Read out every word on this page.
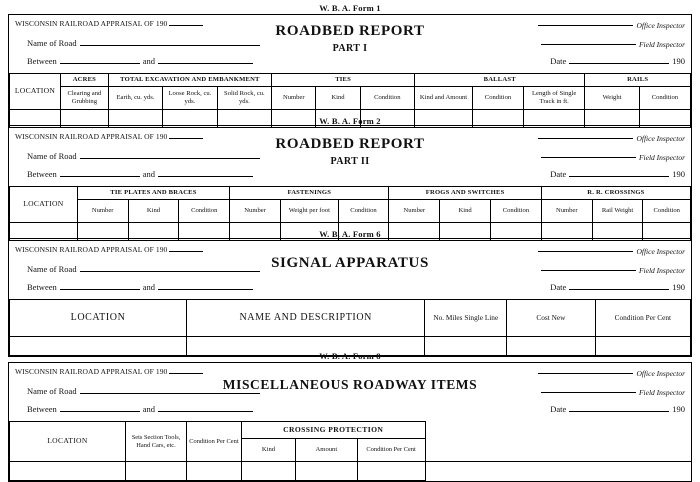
W. B. A. Form 1
WISCONSIN RAILROAD APPRAISAL OF 190	Office Inspector
Field Inspector
Name of Road
Between	and
ROADBED REPORT
PART I
Date	190
LOCATION	ACRES	TOTAL EXCAVATION AND EMBANKMENT			TIES			BALLAST			RAILS	
	Clearing and Grubbing	Earth, cu. yds.	Loose Rock, cu. yds.	Solid Rock, cu. yds.	Number	Kind	Condition	Kind and Amount	Condition	Length of Single Track in ft.	Weight	Condition

W. B. A. Form 2
WISCONSIN RAILROAD APPRAISAL OF 190	Office Inspector
Field Inspector
Name of Road
Between	and
ROADBED REPORT
PART II
Date	190
LOCATION	TIE PLATES AND BRACES			FASTENINGS			FROGS AND SWITCHES			R. R. CROSSINGS		
	Number	Kind	Condition	Number	Weight per foot	Condition	Number	Kind	Condition	Number	Rail Weight	Condition

W. B. A. Form 6
WISCONSIN RAILROAD APPRAISAL OF 190	Office Inspector
Field Inspector
Name of Road
Between	and
SIGNAL APPARATUS
Date	190
LOCATION	NAME AND DESCRIPTION	No. Miles Single Line	Cost New	Condition Per Cent

W. B. A. Form 8
WISCONSIN RAILROAD APPRAISAL OF 190	Office Inspector
Field Inspector
Name of Road
Between	and
MISCELLANEOUS ROADWAY ITEMS
Date	190
LOCATION	Sets Section Tools, Hand Cars, etc.	Condition Per Cent	CROSSING PROTECTION			
			Kind	Amount	Condition Per Cent	
